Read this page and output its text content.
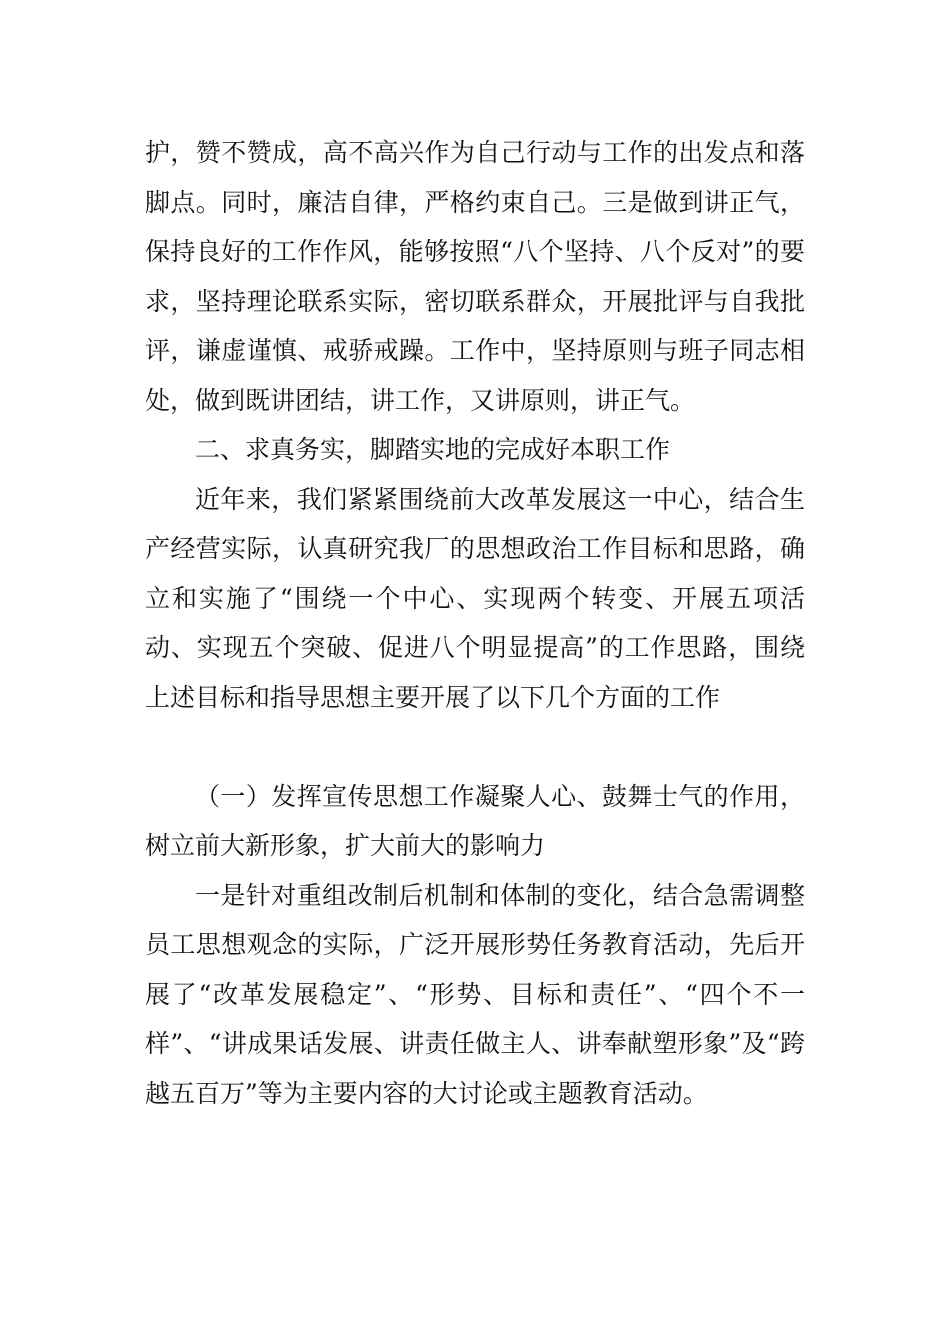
护，赞不赞成，高不高兴作为自己行动与工作的出发点和落脚点。同时，廉洁自律，严格约束自己。三是做到讲正气，保持良好的工作作风，能够按照“八个坚持、八个反对”的要求，坚持理论联系实际，密切联系群众，开展批评与自我批评，谦虚谨慎、戒骄戒躁。工作中，坚持原则与班子同志相处，做到既讲团结，讲工作，又讲原则，讲正气。

二、求真务实，脚踏实地的完成好本职工作

近年来，我们紧紧围绕前大改革发展这一中心，结合生产经营实际，认真研究我厂的思想政治工作目标和思路，确立和实施了“围绕一个中心、实现两个转变、开展五项活动、实现五个突破、促进八个明显提高”的工作思路，围绕上述目标和指导思想主要开展了以下几个方面的工作

（一）发挥宣传思想工作凝聚人心、鼓舞士气的作用，树立前大新形象，扩大前大的影响力

一是针对重组改制后机制和体制的变化，结合急需调整员工思想观念的实际，广泛开展形势任务教育活动，先后开展了“改革发展稳定”、“形势、目标和责任”、“四个不一样”、“讲成果话发展、讲责任做主人、讲奉献塑形象”及“跨越五百万”等为主要内容的大讨论或主题教育活动。
